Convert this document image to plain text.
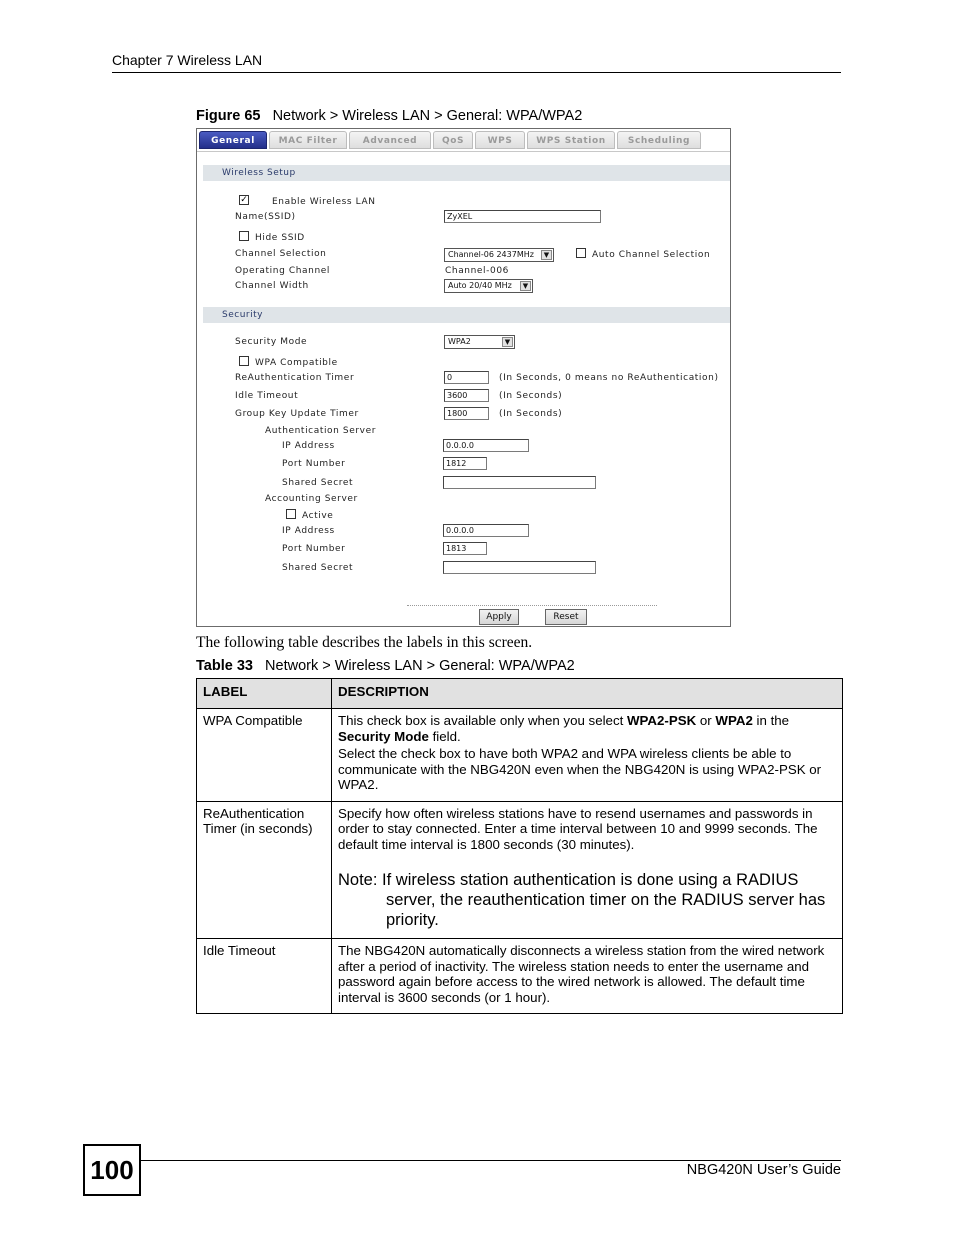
Chapter 7 Wireless LAN
Figure 65 Network > Wireless LAN > General: WPA/WPA2
General	MAC Filter	Advanced	QoS	WPS	WPS Station	Scheduling
Wireless Setup
✓	Enable Wireless LAN
Name(SSID)	ZyXEL
Hide SSID
Channel Selection	Channel-06 2437MHz	▼	Auto Channel Selection
Operating Channel	Channel-006
Channel Width	Auto 20/40 MHz	▼
Security
Security Mode	WPA2	▼
WPA Compatible
ReAuthentication Timer	0	(In Seconds, 0 means no ReAuthentication)
Idle Timeout	3600	(In Seconds)
Group Key Update Timer	1800	(In Seconds)
Authentication Server
IP Address	0.0.0.0
Port Number	1812
Shared Secret
Accounting Server
Active
IP Address	0.0.0.0
Port Number	1813
Shared Secret
Apply	Reset
The following table describes the labels in this screen.
Table 33 Network > Wireless LAN > General: WPA/WPA2
LABEL	DESCRIPTION
WPA Compatible	This check box is available only when you select WPA2-PSK or WPA2 in the Security Mode field.

Select the check box to have both WPA2 and WPA wireless clients be able to communicate with the NBG420N even when the NBG420N is using WPA2-PSK or WPA2.

ReAuthentication Timer (in seconds)	Specify how often wireless stations have to resend usernames and passwords in order to stay connected. Enter a time interval between 10 and 9999 seconds. The default time interval is 1800 seconds (30 minutes).

Note: If wireless station authentication is done using a RADIUS server, the reauthentication timer on the RADIUS server has priority.

Idle Timeout	The NBG420N automatically disconnects a wireless station from the wired network after a period of inactivity. The wireless station needs to enter the username and password again before access to the wired network is allowed. The default time interval is 3600 seconds (or 1 hour).

100	NBG420N User’s Guide
